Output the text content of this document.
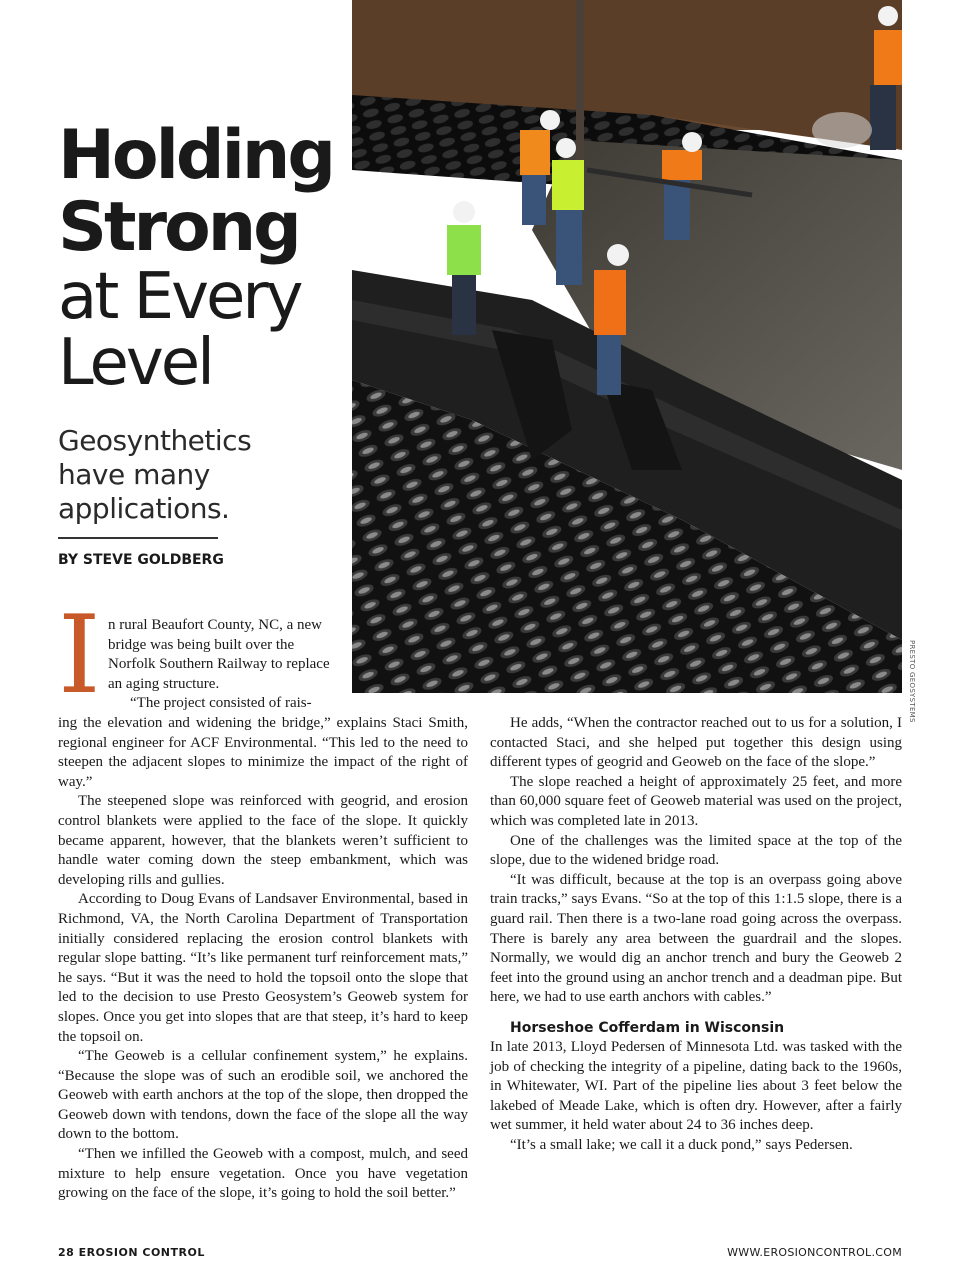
Holding
Strong
at Every
Level
Geosynthetics have many applications.
BY STEVE GOLDBERG
PRESTO GEOSYSTEMS
I n rural Beaufort County, NC, a new bridge was being built over the Norfolk Southern Railway to replace an aging structure.

“The project consisted of rais-

ing the elevation and widening the bridge,” explains Staci Smith, regional engineer for ACF Environmental. “This led to the need to steepen the adjacent slopes to minimize the impact of the right of way.”

The steepened slope was reinforced with geogrid, and erosion control blankets were applied to the face of the slope. It quickly became apparent, however, that the blankets weren’t sufficient to handle water coming down the steep embankment, which was developing rills and gullies.

According to Doug Evans of Landsaver Environmental, based in Richmond, VA, the North Carolina Department of Transportation initially considered replacing the erosion control blankets with regular slope batting. “It’s like permanent turf reinforcement mats,” he says. “But it was the need to hold the topsoil onto the slope that led to the decision to use Presto Geosystem’s Geoweb system for slopes. Once you get into slopes that are that steep, it’s hard to keep the topsoil on.

“The Geoweb is a cellular confinement system,” he explains. “Because the slope was of such an erodible soil, we anchored the Geoweb with earth anchors at the top of the slope, then dropped the Geoweb down with tendons, down the face of the slope all the way down to the bottom.

“Then we infilled the Geoweb with a compost, mulch, and seed mixture to help ensure vegetation. Once you have vegetation growing on the face of the slope, it’s going to hold the soil better.”

He adds, “When the contractor reached out to us for a solution, I contacted Staci, and she helped put together this design using different types of geogrid and Geoweb on the face of the slope.”

The slope reached a height of approximately 25 feet, and more than 60,000 square feet of Geoweb material was used on the project, which was completed late in 2013.

One of the challenges was the limited space at the top of the slope, due to the widened bridge road.

“It was difficult, because at the top is an overpass going above train tracks,” says Evans. “So at the top of this 1:1.5 slope, there is a guard rail. Then there is a two-lane road going across the overpass. There is barely any area between the guardrail and the slopes. Normally, we would dig an anchor trench and bury the Geoweb 2 feet into the ground using an anchor trench and a deadman pipe. But here, we had to use earth anchors with cables.”

Horseshoe Cofferdam in Wisconsin

In late 2013, Lloyd Pedersen of Minnesota Ltd. was tasked with the job of checking the integrity of a pipeline, dating back to the 1960s, in Whitewater, WI. Part of the pipeline lies about 3 feet below the lakebed of Meade Lake, which is often dry. However, after a fairly wet summer, it held water about 24 to 36 inches deep.

“It’s a small lake; we call it a duck pond,” says Pedersen.

28 EROSION CONTROL	WWW.EROSIONCONTROL.COM
